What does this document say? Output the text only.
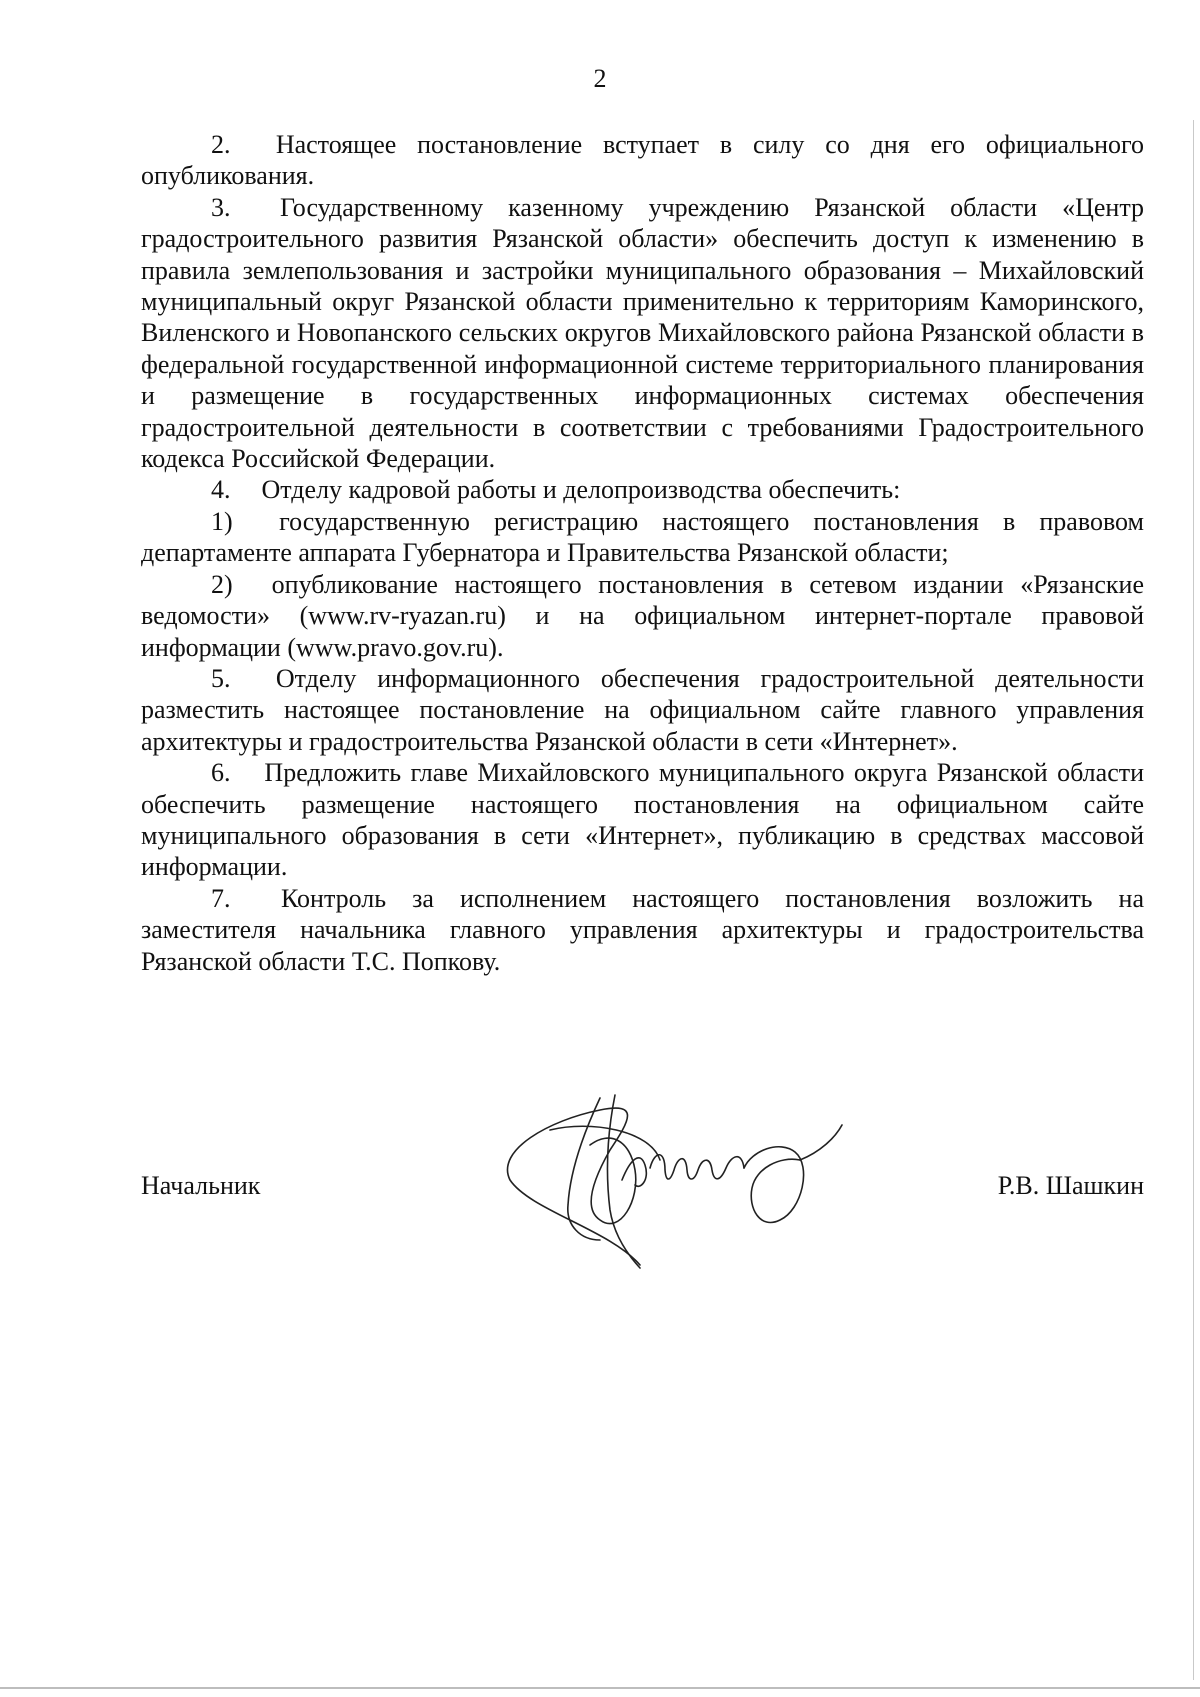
2

2. Настоящее постановление вступает в силу со дня его официального опубликования.

3. Государственному казенному учреждению Рязанской области «Центр градостроительного развития Рязанской области» обеспечить доступ к изменению в правила землепользования и застройки муниципального образования – Михайловский муниципальный округ Рязанской области применительно к территориям Каморинского, Виленского и Новопанского сельских округов Михайловского района Рязанской области в федеральной государственной информационной системе территориального планирования и размещение в государственных информационных системах обеспечения градостроительной деятельности в соответствии с требованиями Градостроительного кодекса Российской Федерации.

4. Отделу кадровой работы и делопроизводства обеспечить:

1) государственную регистрацию настоящего постановления в правовом департаменте аппарата Губернатора и Правительства Рязанской области;

2) опубликование настоящего постановления в сетевом издании «Рязанские ведомости» (www.rv-ryazan.ru) и на официальном интернет-портале правовой информации (www.pravo.gov.ru).

5. Отделу информационного обеспечения градостроительной деятельности разместить настоящее постановление на официальном сайте главного управления архитектуры и градостроительства Рязанской области в сети «Интернет».

6. Предложить главе Михайловского муниципального округа Рязанской области обеспечить размещение настоящего постановления на официальном сайте муниципального образования в сети «Интернет», публикацию в средствах массовой информации.

7. Контроль за исполнением настоящего постановления возложить на заместителя начальника главного управления архитектуры и градостроительства Рязанской области Т.С. Попкову.

Начальник	Р.В. Шашкин
